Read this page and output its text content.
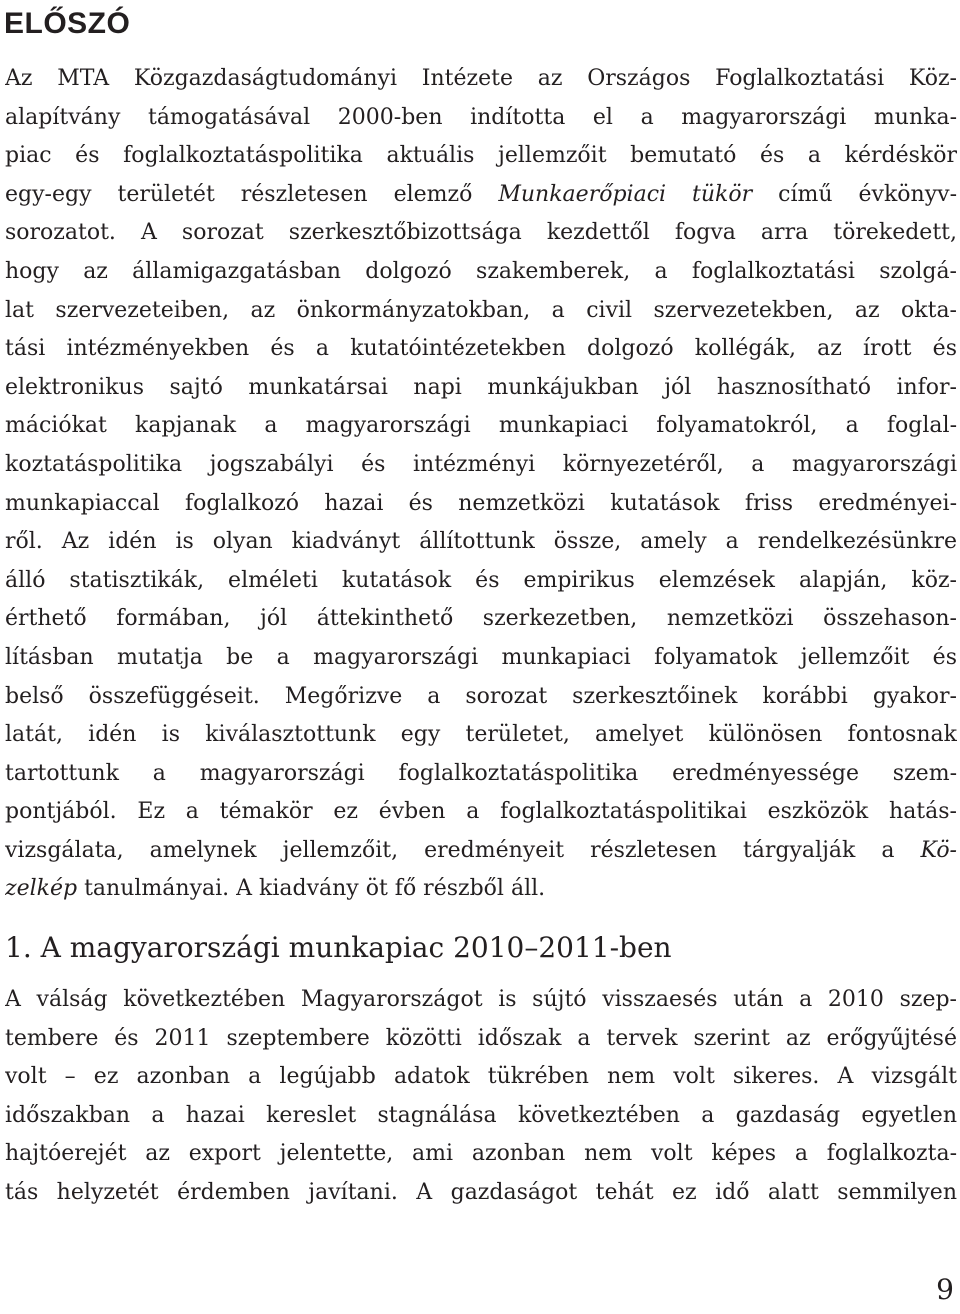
ELŐSZÓ
Az MTA Közgazdaságtudományi Intézete az Országos Foglalkoztatási Köz-
alapítvány támogatásával 2000-ben indította el a magyarországi munka-
piac és foglalkoztatáspolitika aktuális jellemzőit bemutató és a kérdéskör
egy-egy területét részletesen elemző Munkaerőpiaci tükör című évkönyv-
sorozatot. A sorozat szerkesztőbizottsága kezdettől fogva arra törekedett,
hogy az államigazgatásban dolgozó szakemberek, a foglalkoztatási szolgá-
lat szervezeteiben, az önkormányzatokban, a civil szervezetekben, az okta-
tási intézményekben és a kutatóintézetekben dolgozó kollégák, az írott és
elektronikus sajtó munkatársai napi munkájukban jól hasznosítható infor-
mációkat kapjanak a magyarországi munkapiaci folyamatokról, a foglal-
koztatáspolitika jogszabályi és intézményi környezetéről, a magyarországi
munkapiaccal foglalkozó hazai és nemzetközi kutatások friss eredményei-
ről. Az idén is olyan kiadványt állítottunk össze, amely a rendelkezésünkre
álló statisztikák, elméleti kutatások és empirikus elemzések alapján, köz-
érthető formában, jól áttekinthető szerkezetben, nemzetközi összehason-
lításban mutatja be a magyarországi munkapiaci folyamatok jellemzőit és
belső összefüggéseit. Megőrizve a sorozat szerkesztőinek korábbi gyakor-
latát, idén is kiválasztottunk egy területet, amelyet különösen fontosnak
tartottunk a magyarországi foglalkoztatáspolitika eredményessége szem-
pontjából. Ez a témakör ez évben a foglalkoztatáspolitikai eszközök hatás-
vizsgálata, amelynek jellemzőit, eredményeit részletesen tárgyalják a Kö-
zelkép tanulmányai. A kiadvány öt fő részből áll.
1. A magyarországi munkapiac 2010–2011-ben
A válság következtében Magyarországot is sújtó visszaesés után a 2010 szep-
tembere és 2011 szeptembere közötti időszak a tervek szerint az erőgyűjtésé
volt – ez azonban a legújabb adatok tükrében nem volt sikeres. A vizsgált
időszakban a hazai kereslet stagnálása következtében a gazdaság egyetlen
hajtóerejét az export jelentette, ami azonban nem volt képes a foglalkozta-
tás helyzetét érdemben javítani. A gazdaságot tehát ez idő alatt semmilyen
9
